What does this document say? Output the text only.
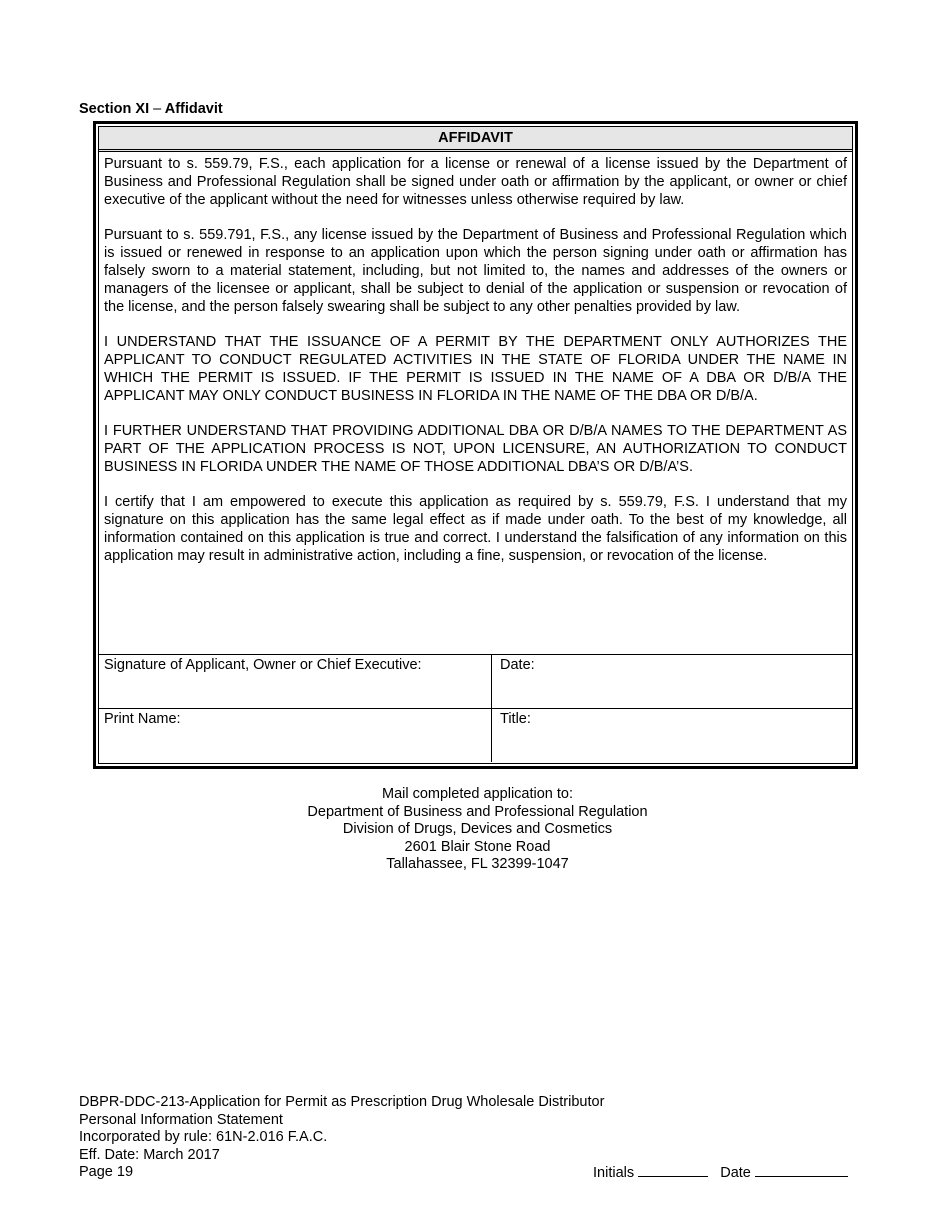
Section XI – Affidavit
AFFIDAVIT

Pursuant to s. 559.79, F.S., each application for a license or renewal of a license issued by the Department of Business and Professional Regulation shall be signed under oath or affirmation by the applicant, or owner or chief executive of the applicant without the need for witnesses unless otherwise required by law.

Pursuant to s. 559.791, F.S., any license issued by the Department of Business and Professional Regulation which is issued or renewed in response to an application upon which the person signing under oath or affirmation has falsely sworn to a material statement, including, but not limited to, the names and addresses of the owners or managers of the licensee or applicant, shall be subject to denial of the application or suspension or revocation of the license, and the person falsely swearing shall be subject to any other penalties provided by law.

I UNDERSTAND THAT THE ISSUANCE OF A PERMIT BY THE DEPARTMENT ONLY AUTHORIZES THE APPLICANT TO CONDUCT REGULATED ACTIVITIES IN THE STATE OF FLORIDA UNDER THE NAME IN WHICH THE PERMIT IS ISSUED. IF THE PERMIT IS ISSUED IN THE NAME OF A DBA OR D/B/A THE APPLICANT MAY ONLY CONDUCT BUSINESS IN FLORIDA IN THE NAME OF THE DBA OR D/B/A.

I FURTHER UNDERSTAND THAT PROVIDING ADDITIONAL DBA OR D/B/A NAMES TO THE DEPARTMENT AS PART OF THE APPLICATION PROCESS IS NOT, UPON LICENSURE, AN AUTHORIZATION TO CONDUCT BUSINESS IN FLORIDA UNDER THE NAME OF THOSE ADDITIONAL DBA’S OR D/B/A’S.

I certify that I am empowered to execute this application as required by s. 559.79, F.S. I understand that my signature on this application has the same legal effect as if made under oath. To the best of my knowledge, all information contained on this application is true and correct. I understand the falsification of any information on this application may result in administrative action, including a fine, suspension, or revocation of the license.

Signature of Applicant, Owner or Chief Executive:	Date:
Print Name:	Title:
Mail completed application to:
Department of Business and Professional Regulation
Division of Drugs, Devices and Cosmetics
2601 Blair Stone Road
Tallahassee, FL 32399-1047
DBPR-DDC-213-Application for Permit as Prescription Drug Wholesale Distributor
Personal Information Statement
Incorporated by rule: 61N-2.016 F.A.C.
Eff. Date: March 2017
Page 19	Initials	Date
